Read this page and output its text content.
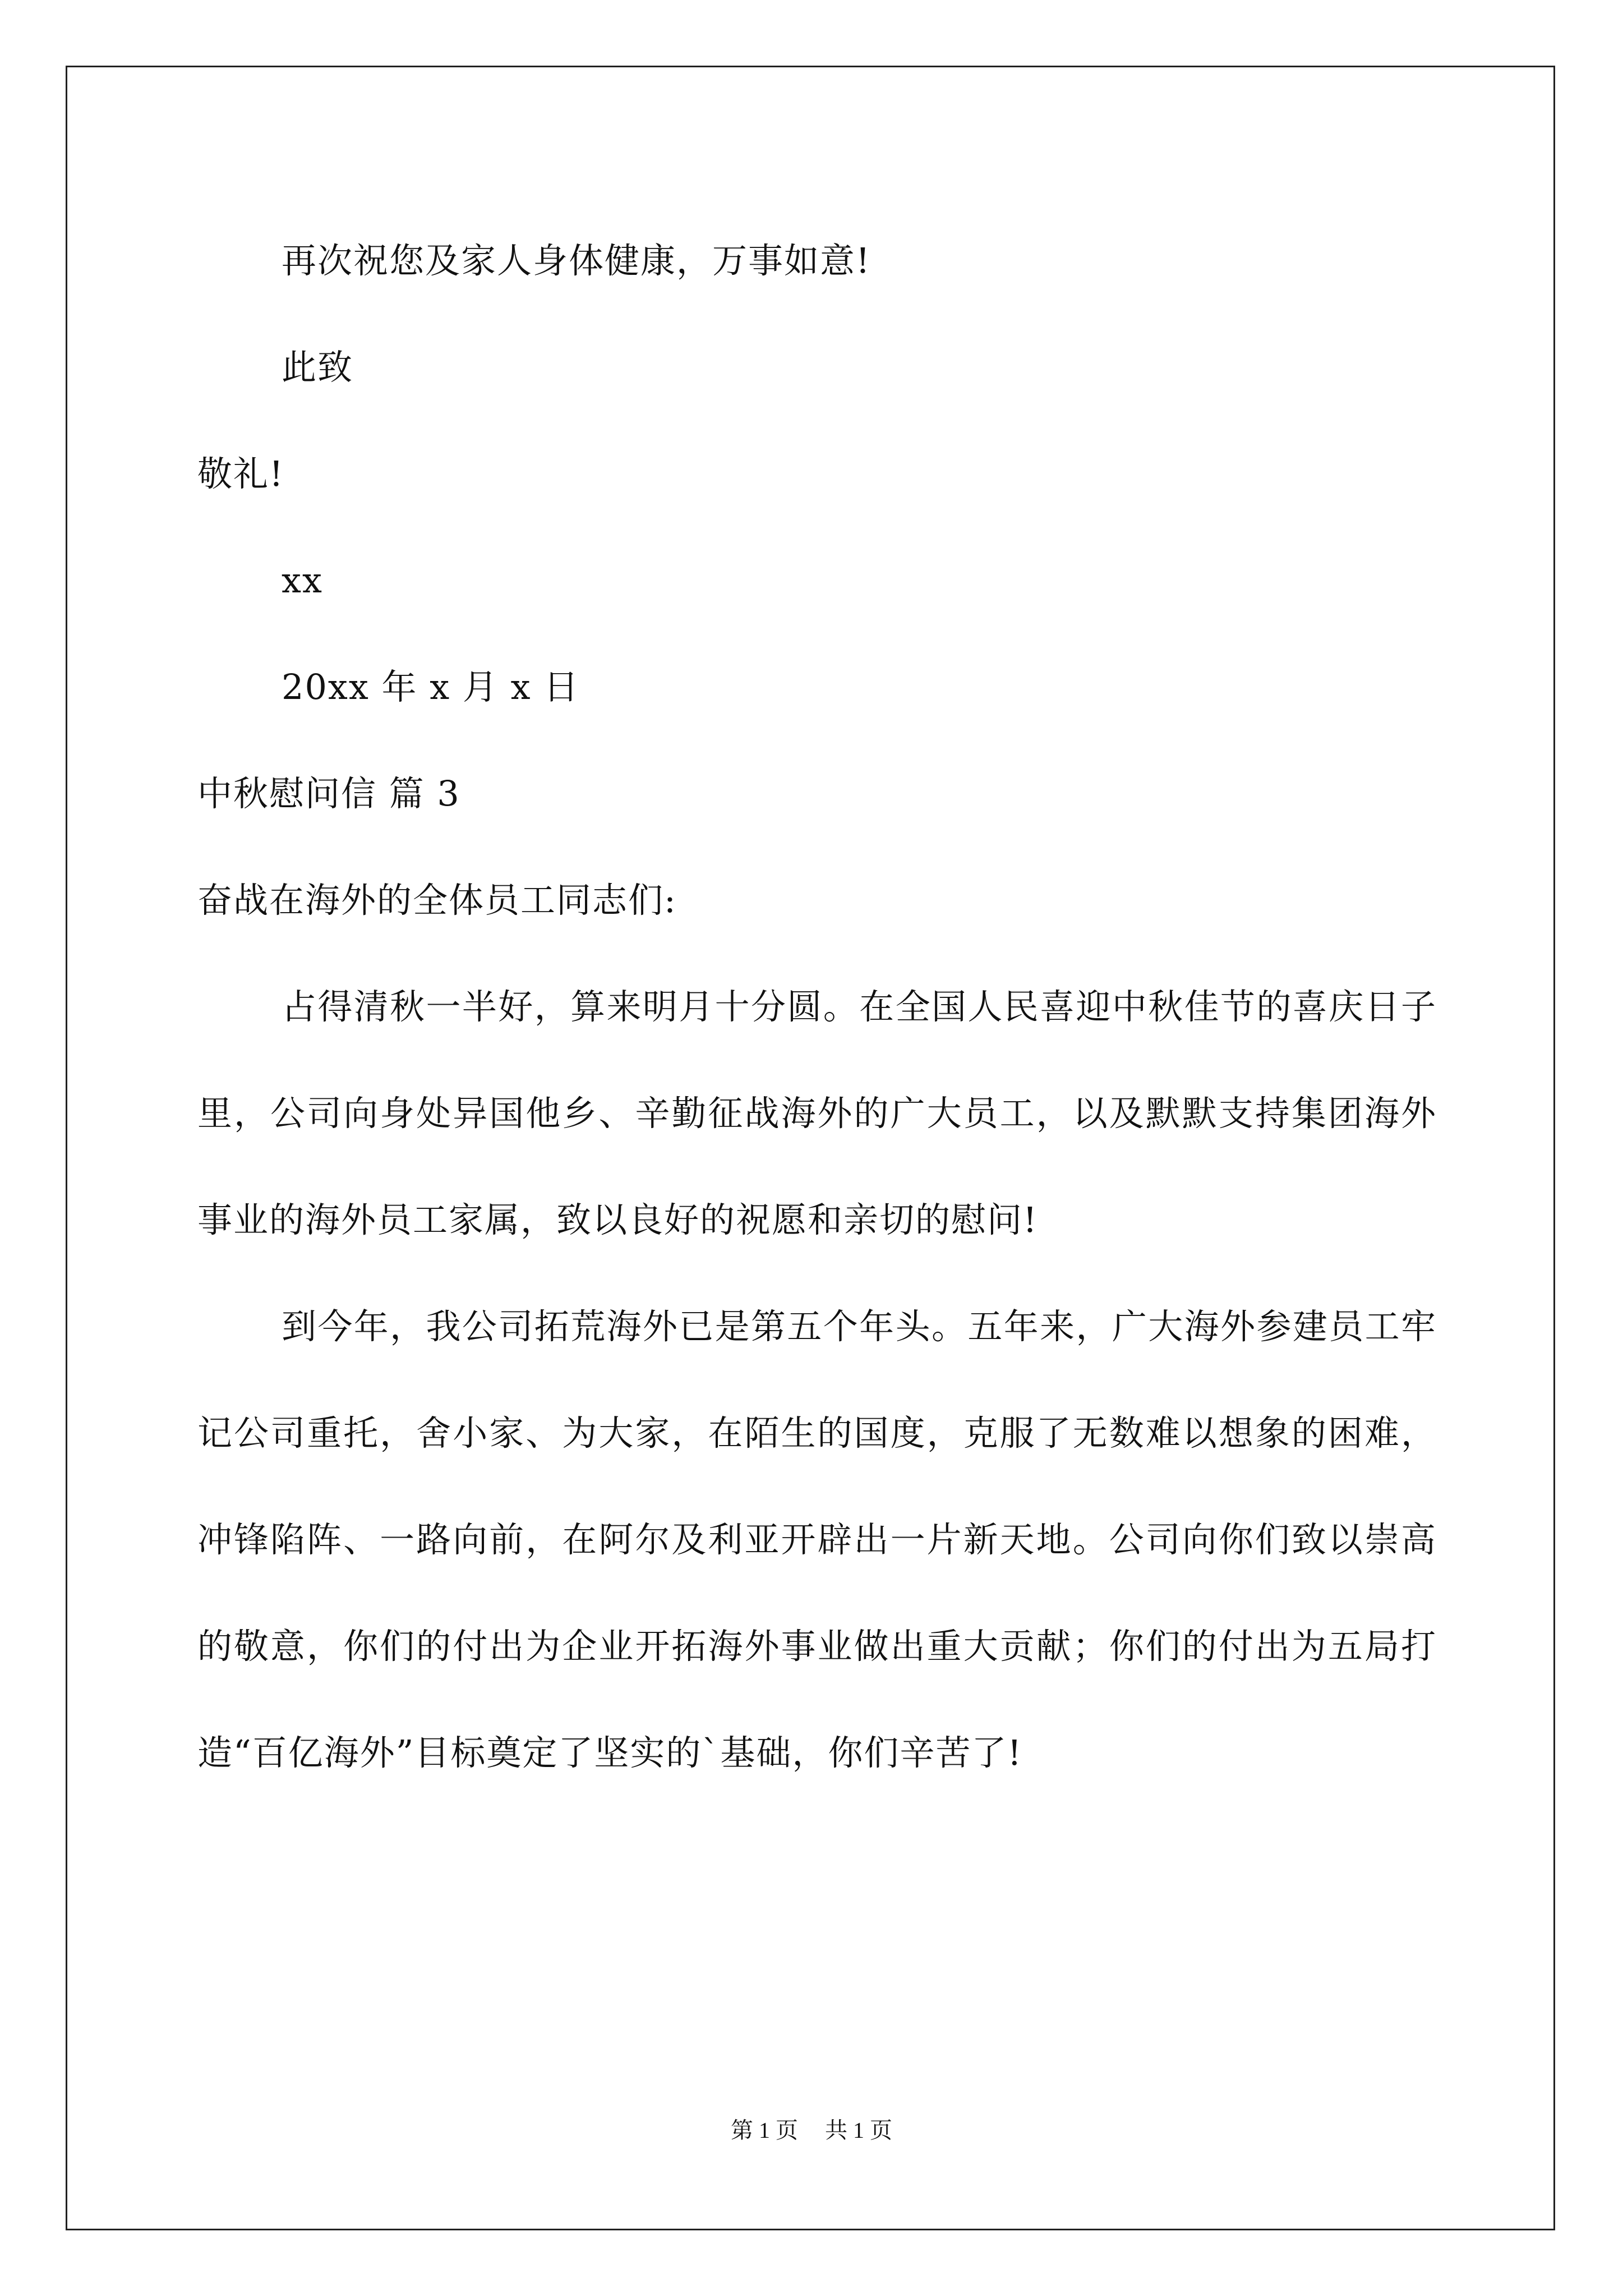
再次祝您及家人身体健康，万事如意!

此致

敬礼!

xx

20xx 年 x 月 x 日

中秋慰问信 篇 3

奋战在海外的全体员工同志们:

占得清秋一半好，算来明月十分圆。在全国人民喜迎中秋佳节的喜庆日子里，公司向身处异国他乡、辛勤征战海外的广大员工，以及默默支持集团海外事业的海外员工家属，致以良好的祝愿和亲切的慰问!

到今年，我公司拓荒海外已是第五个年头。五年来，广大海外参建员工牢记公司重托，舍小家、为大家，在陌生的国度，克服了无数难以想象的困难，冲锋陷阵、一路向前，在阿尔及利亚开辟出一片新天地。公司向你们致以崇高的敬意，你们的付出为企业开拓海外事业做出重大贡献；你们的付出为五局打造“百亿海外”目标奠定了坚实的`基础，你们辛苦了!

第 1 页 共 1 页
